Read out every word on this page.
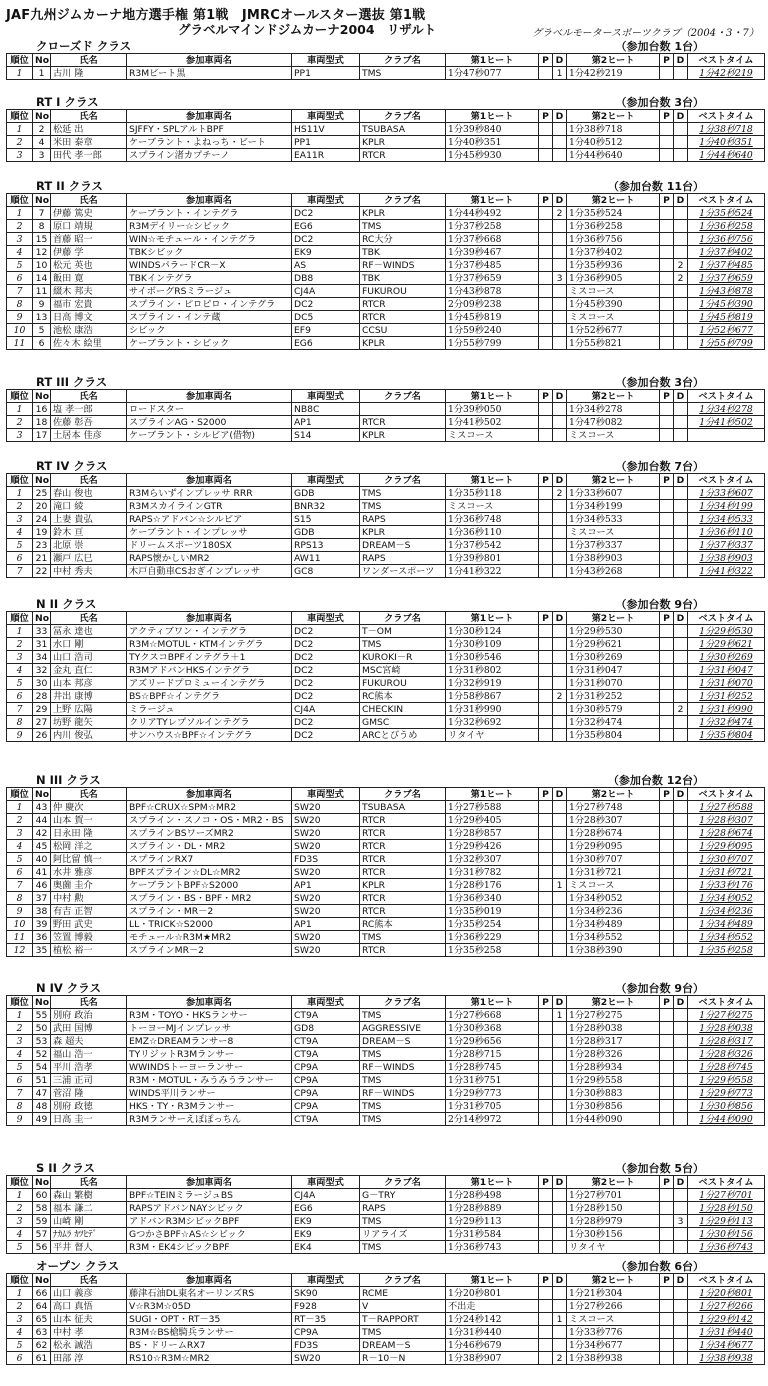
JAF九州ジムカーナ地方選手権 第1戦　JMRCオールスター選抜 第1戦
グラベルマインドジムカーナ2004　リザルト	グラベルモータースポーツクラブ（2004・3・7）
クローズド クラス	（参加台数 1台）
順位	No	氏名	参加車両名	車両型式	クラブ名	第1ヒート	P	D	第2ヒート	P	D	ベストタイム
1	1	古川 隆	R3Mビート黒	PP1	TMS	1分47秒077		1	1分42秒219			1分42秒219
RT I クラス	（参加台数 3台）
順位	No	氏名	参加車両名	車両型式	クラブ名	第1ヒート	P	D	第2ヒート	P	D	ベストタイム
1	2	松延 出	SJFFY・SPLアルトBPF	HS11V	TSUBASA	1分39秒840			1分38秒718			1分38秒718
2	4	米田 泰章	ケーブラント・よねっち・ビート	PP1	KPLR	1分40秒351			1分40秒512			1分40秒351
3	3	田代 孝一郎	スプライン渚カプチーノ	EA11R	RTCR	1分45秒930			1分44秒640			1分44秒640
RT II クラス	（参加台数 11台）
順位	No	氏名	参加車両名	車両型式	クラブ名	第1ヒート	P	D	第2ヒート	P	D	ベストタイム
1	7	伊藤 篤史	ケーブラント・インテグラ	DC2	KPLR	1分44秒492		2	1分35秒524			1分35秒524
2	8	原口 靖規	R3Mデイリー☆シビック	EG6	TMS	1分37秒258			1分36秒258			1分36秒258
3	15	首藤 昭一	WIN☆モチュール・インテグラ	DC2	RC大分	1分37秒668			1分36秒756			1分36秒756
4	12	伊藤 学	TBKシビック	EK9	TBK	1分39秒467			1分37秒402			1分37秒402
5	10	松元 英也	WINDSパラードCR－X	AS	RF－WINDS	1分37秒485			1分35秒936		2	1分37秒485
6	14	飯田 寛	TBKインテグラ	DB8	TBK	1分37秒659		3	1分36秒905		2	1分37秒659
7	11	綴木 邦夫	サイボーグRSミラージュ	CJ4A	FUKUROU	1分43秒878			ミスコース			1分43秒878
8	9	福市 宏貴	スプライン・ピロピロ・インテグラ	DC2	RTCR	2分09秒238			1分45秒390			1分45秒390
9	13	日高 博文	スプライン・インテ蔵	DC5	RTCR	1分45秒819			ミスコース			1分45秒819
10	5	池松 康浩	シビック	EF9	CCSU	1分59秒240			1分52秒677			1分52秒677
11	6	佐々木 絵里	ケーブラント・シビック	EG6	KPLR	1分55秒799			1分55秒821			1分55秒799
RT III クラス	（参加台数 3台）
順位	No	氏名	参加車両名	車両型式	クラブ名	第1ヒート	P	D	第2ヒート	P	D	ベストタイム
1	16	塩 孝一郎	ロードスター	NB8C		1分39秒050			1分34秒278			1分34秒278
2	18	佐藤 彰吾	スプラインAG・S2000	AP1	RTCR	1分41秒502			1分47秒082			1分41秒502
3	17	土居本 佳彦	ケーブラント・シルビア(借物)	S14	KPLR	ミスコース			ミスコース			
RT IV クラス	（参加台数 7台）
順位	No	氏名	参加車両名	車両型式	クラブ名	第1ヒート	P	D	第2ヒート	P	D	ベストタイム
1	25	春山 俊也	R3Mらいずインプレッサ RRR	GDB	TMS	1分35秒118		2	1分33秒607			1分33秒607
2	20	滝口 綾	R3MスカイラインGTR	BNR32	TMS	ミスコース			1分34秒199			1分34秒199
3	24	上妻 貴弘	RAPS☆アドバン☆シルビア	S15	RAPS	1分36秒748			1分34秒533			1分34秒533
4	19	鈴木 亘	ケーブラント・インプレッサ	GDB	KPLR	1分36秒110			ミスコース			1分36秒110
5	23	北原 崇	ドリームスポーツ180SX	RPS13	DREAM－S	1分37秒542			1分37秒337			1分37秒337
6	21	瀬戸 広巳	RAPS懐かしいMR2	AW11	RAPS	1分39秒801			1分38秒903			1分38秒903
7	22	中村 秀夫	木戸自動車CSおぎインプレッサ	GC8	ワンダースポーツ	1分41秒322			1分43秒268			1分41秒322
N II クラス	（参加台数 9台）
順位	No	氏名	参加車両名	車両型式	クラブ名	第1ヒート	P	D	第2ヒート	P	D	ベストタイム
1	33	冨永 達也	アクティブワン・インテグラ	DC2	T－OM	1分30秒124			1分29秒530			1分29秒530
2	31	水口 剛	R3M☆MOTUL・KTMインテグラ	DC2	TMS	1分30秒109			1分29秒621			1分29秒621
3	34	山口 浩司	TYクスコBPFインテグラ＋1	DC2	KUROKI－R	1分30秒546			1分30秒269			1分30秒269
4	32	金丸 直仁	R3MアドバンHKSインテグラ	DC2	MSC宮崎	1分31秒802			1分31秒047			1分31秒047
5	30	山本 邦彦	アズリードプロミューインテグラ	DC2	FUKUROU	1分32秒919			1分31秒070			1分31秒070
6	28	井出 康博	BS☆BPF☆インテグラ	DC2	RC熊本	1分58秒867		2	1分31秒252			1分31秒252
7	29	上野 広陽	ミラージュ	CJ4A	CHECKIN	1分31秒990			1分30秒579		2	1分31秒990
8	27	坊野 龍矢	クリアTYレプソルインテグラ	DC2	GMSC	1分32秒692			1分32秒474			1分32秒474
9	26	内川 俊弘	サンハウス☆BPF☆インテグラ	DC2	ARCとびうめ	リタイヤ			1分35秒804			1分35秒804
N III クラス	（参加台数 12台）
順位	No	氏名	参加車両名	車両型式	クラブ名	第1ヒート	P	D	第2ヒート	P	D	ベストタイム
1	43	仲 慶次	BPF☆CRUX☆SPM☆MR2	SW20	TSUBASA	1分27秒588			1分27秒748			1分27秒588
2	44	山本 賀一	スプライン・スノコ・OS・MR2・BS	SW20	RTCR	1分29秒405			1分28秒307			1分28秒307
3	42	日永田 隆	スプラインBSワーズMR2	SW20	RTCR	1分28秒857			1分28秒674			1分28秒674
4	45	松岡 洋之	スプライン・DL・MR2	SW20	RTCR	1分29秒426			1分29秒095			1分29秒095
5	40	阿比留 慎一	スプラインRX7	FD3S	RTCR	1分32秒307			1分30秒707			1分30秒707
6	41	水井 雅彦	BPFスプライン☆DL☆MR2	SW20	RTCR	1分31秒782			1分31秒721			1分31秒721
7	46	奥薗 圭介	ケーブラントBPF☆S2000	AP1	KPLR	1分28秒176		1	ミスコース			1分33秒176
8	37	中村 勲	スプライン・BS・BPF・MR2	SW20	RTCR	1分36秒340			1分34秒052			1分34秒052
9	38	有吉 正智	スプライン・MR－2	SW20	RTCR	1分35秒019			1分34秒236			1分34秒236
10	39	野田 武史	LL・TRICK☆S2000	AP1	RC熊本	1分35秒254			1分34秒489			1分34秒489
11	36	笠置 博毅	モチュール☆R3M★MR2	SW20	TMS	1分36秒229			1分34秒552			1分34秒552
12	35	植松 裕一	スプラインMR－2	SW20	RTCR	1分35秒258			1分38秒390			1分35秒258
N IV クラス	（参加台数 9台）
順位	No	氏名	参加車両名	車両型式	クラブ名	第1ヒート	P	D	第2ヒート	P	D	ベストタイム
1	55	別府 政治	R3M・TOYO・HKSランサー	CT9A	TMS	1分27秒668		1	1分27秒275			1分27秒275
2	50	武田 国博	トーヨーMJインプレッサ	GD8	AGGRESSIVE	1分30秒368			1分28秒038			1分28秒038
3	53	森 超夫	EMZ☆DREAMランサー8	CT9A	DREAM－S	1分29秒656			1分28秒317			1分28秒317
4	52	福山 浩一	TYリジットR3Mランサー	CT9A	TMS	1分28秒715			1分28秒326			1分28秒326
5	54	平川 浩孝	WWINDSトーヨーランサー	CP9A	RF－WINDS	1分28秒745			1分28秒934			1分28秒745
6	51	三浦 正司	R3M・MOTUL・みうみうランサー	CP9A	TMS	1分31秒751			1分29秒558			1分29秒558
7	47	菅沼 隆	WINDS平川ランサー	CP9A	RF－WINDS	1分29秒773			1分30秒883			1分29秒773
8	48	別府 政徳	HKS・TY・R3Mランサー	CP9A	TMS	1分31秒705			1分30秒856			1分30秒856
9	49	日高 圭一	R3Mランサーえぽぽっちん	CT9A	TMS	2分14秒972			1分44秒090			1分44秒090
S II クラス	（参加台数 5台）
順位	No	氏名	参加車両名	車両型式	クラブ名	第1ヒート	P	D	第2ヒート	P	D	ベストタイム
1	60	森山 繁樹	BPF☆TEINミラージュBS	CJ4A	G－TRY	1分28秒498			1分27秒701			1分27秒701
2	58	福本 謙二	RAPSアドバンNAYシビック	EG6	RAPS	1分28秒889			1分28秒150			1分28秒150
3	59	山崎 剛	アドバンR3MシビックBPF	EK9	TMS	1分29秒113			1分28秒979		3	1分29秒113
4	57	ﾅｶﾑﾗ ｶﾂﾋﾃﾞ	GつかさBPF☆AS☆シビック	EK9	リアライズ	1分31秒584			1分30秒156			1分30秒156
5	56	平井 督人	R3M・EK4シビックBPF	EK4	TMS	1分36秒743			リタイヤ			1分36秒743
オープン クラス	（参加台数 6台）
順位	No	氏名	参加車両名	車両型式	クラブ名	第1ヒート	P	D	第2ヒート	P	D	ベストタイム
1	66	山口 義彦	藤津石油DL東名オーリンズRS	SK90	RCME	1分20秒801			1分21秒304			1分20秒801
2	64	高口 真悟	V☆R3M☆05D	F928	V	不出走			1分27秒266			1分27秒266
3	65	山本 征夫	SUGI・OPT・RT－35	RT－35	T－RAPPORT	1分24秒142		1	ミスコース			1分29秒142
4	63	中村 孝	R3M☆BS槍騎兵ランサー	CP9A	TMS	1分31秒440			1分33秒776			1分31秒440
5	62	松永 誠浩	BS・ドリームRX7	FD3S	DREAM－S	1分46秒679			1分34秒677			1分34秒677
6	61	田部 淳	RS10☆R3M☆MR2	SW20	R－10－N	1分38秒907		2	1分38秒938			1分38秒938
